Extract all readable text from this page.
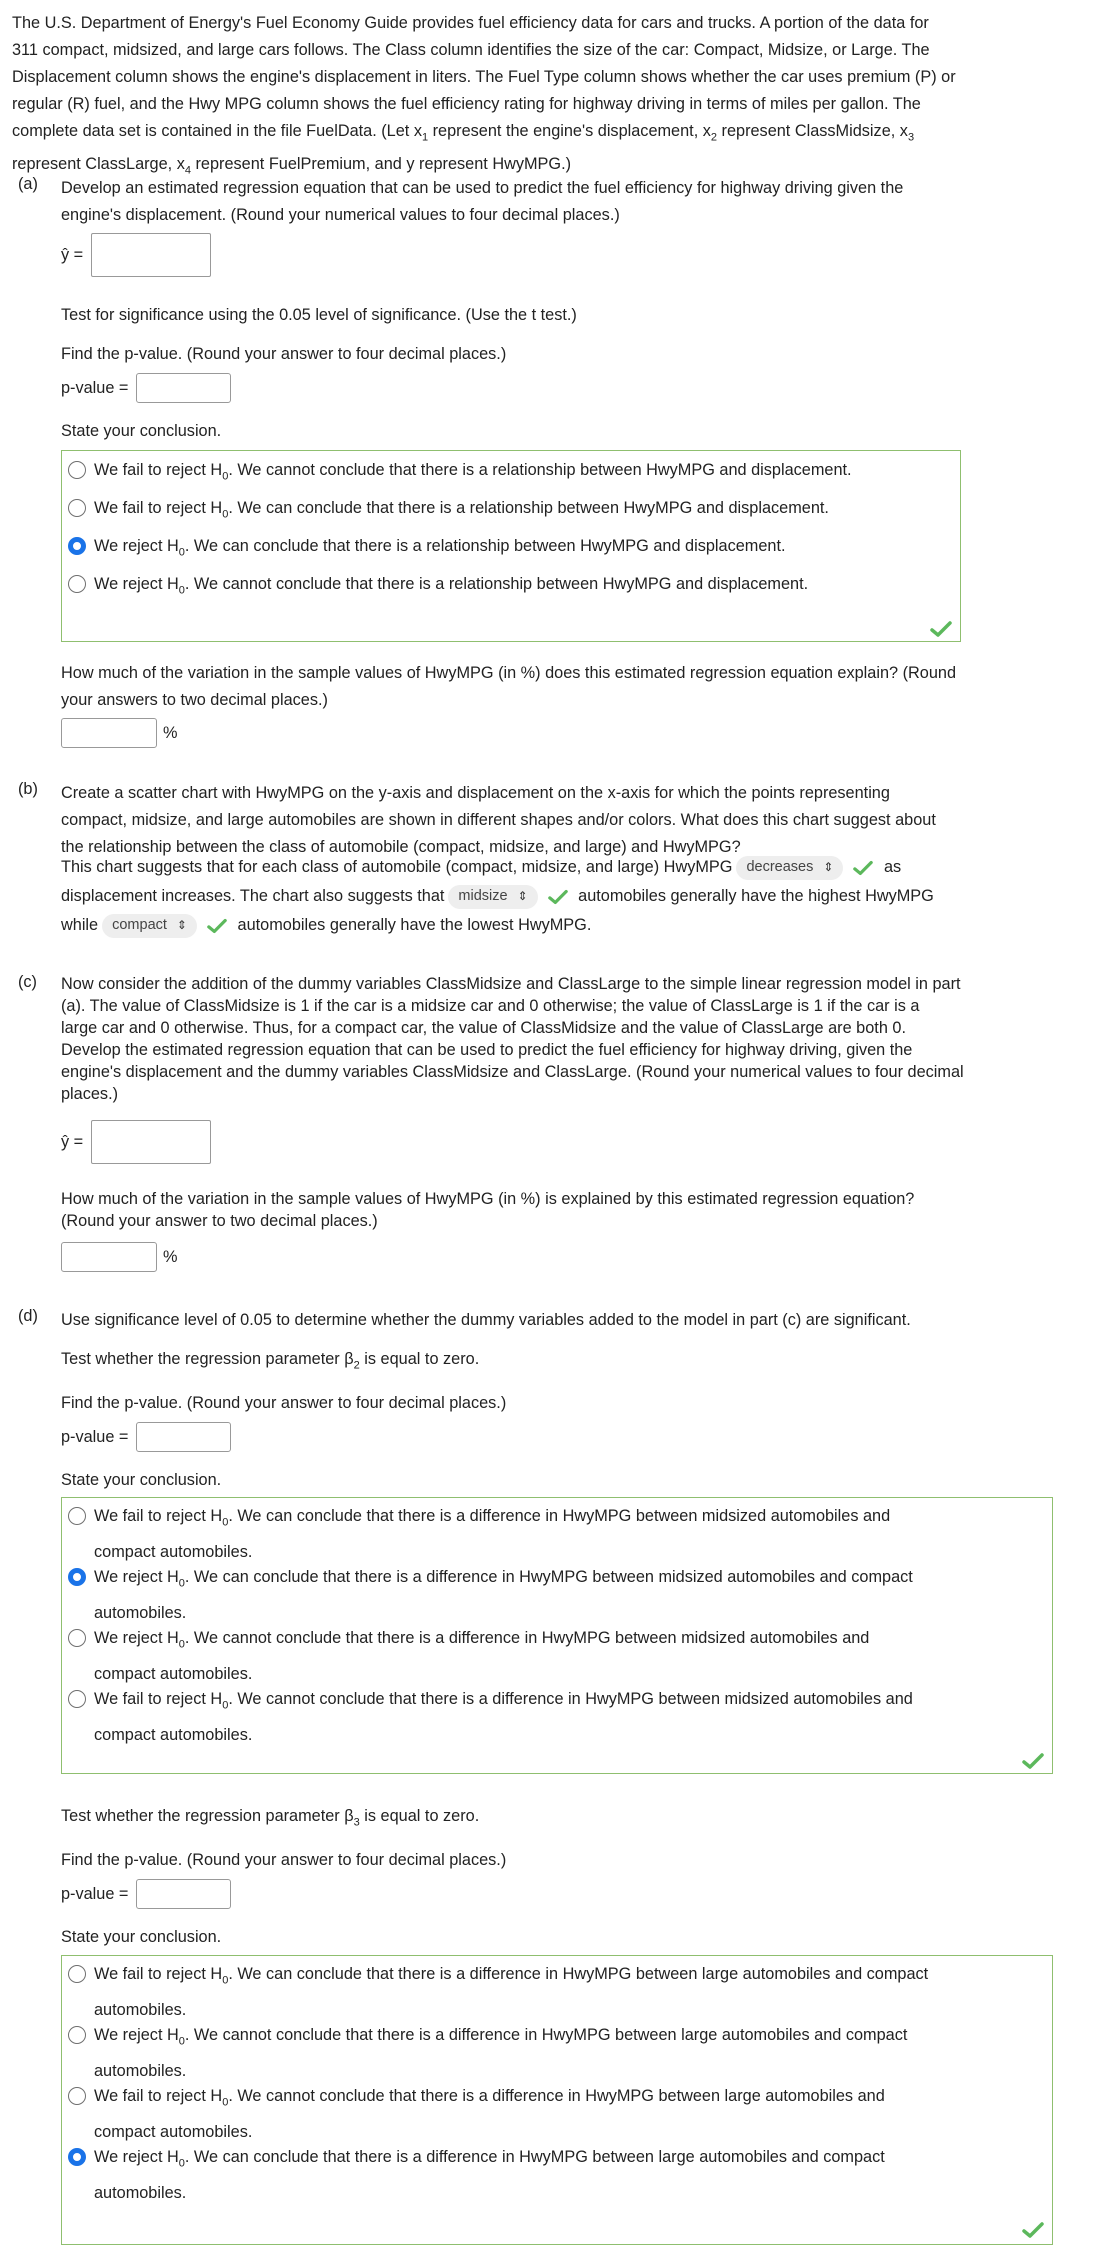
The U.S. Department of Energy's Fuel Economy Guide provides fuel efficiency data for cars and trucks. A portion of the data for
311 compact, midsized, and large cars follows. The Class column identifies the size of the car: Compact, Midsize, or Large. The
Displacement column shows the engine's displacement in liters. The Fuel Type column shows whether the car uses premium (P) or
regular (R) fuel, and the Hwy MPG column shows the fuel efficiency rating for highway driving in terms of miles per gallon. The
complete data set is contained in the file FuelData. (Let $x_1$ represent the engine's displacement, $x_2$ represent ClassMidsize, $x_3$
represent ClassLarge, $x_4$ represent FuelPremium, and y represent HwyMPG.)
(a) Develop an estimated regression equation that can be used to predict the fuel efficiency for highway driving given the
engine's displacement. (Round your numerical values to four decimal places.)
ŷ =
Test for significance using the 0.05 level of significance. (Use the t test.)
Find the p-value. (Round your answer to four decimal places.)
p-value =
State your conclusion.
We fail to reject $H_0$. We cannot conclude that there is a relationship between HwyMPG and displacement.
We fail to reject $H_0$. We can conclude that there is a relationship between HwyMPG and displacement.
We reject $H_0$. We can conclude that there is a relationship between HwyMPG and displacement.
We reject $H_0$. We cannot conclude that there is a relationship between HwyMPG and displacement.
How much of the variation in the sample values of HwyMPG (in %) does this estimated regression equation explain? (Round
your answers to two decimal places.)
%
(b) Create a scatter chart with HwyMPG on the y-axis and displacement on the x-axis for which the points representing
compact, midsize, and large automobiles are shown in different shapes and/or colors. What does this chart suggest about
the relationship between the class of automobile (compact, midsize, and large) and HwyMPG?
This chart suggests that for each class of automobile (compact, midsize, and large) HwyMPG decreases ⇕	as
displacement increases. The chart also suggests that midsize ⇕	automobiles generally have the highest HwyMPG
while compact ⇕	automobiles generally have the lowest HwyMPG.
(c) Now consider the addition of the dummy variables ClassMidsize and ClassLarge to the simple linear regression model in part
(a). The value of ClassMidsize is 1 if the car is a midsize car and 0 otherwise; the value of ClassLarge is 1 if the car is a
large car and 0 otherwise. Thus, for a compact car, the value of ClassMidsize and the value of ClassLarge are both 0.
Develop the estimated regression equation that can be used to predict the fuel efficiency for highway driving, given the
engine's displacement and the dummy variables ClassMidsize and ClassLarge. (Round your numerical values to four decimal
places.)
ŷ =
How much of the variation in the sample values of HwyMPG (in %) is explained by this estimated regression equation?
(Round your answer to two decimal places.)
%
(d) Use significance level of 0.05 to determine whether the dummy variables added to the model in part (c) are significant.
Test whether the regression parameter $\beta_2$ is equal to zero.
Find the p-value. (Round your answer to four decimal places.)
p-value =
State your conclusion.
We fail to reject $H_0$. We can conclude that there is a difference in HwyMPG between midsized automobiles and
compact automobiles.
We reject $H_0$. We can conclude that there is a difference in HwyMPG between midsized automobiles and compact
automobiles.
We reject $H_0$. We cannot conclude that there is a difference in HwyMPG between midsized automobiles and
compact automobiles.
We fail to reject $H_0$. We cannot conclude that there is a difference in HwyMPG between midsized automobiles and
compact automobiles.
Test whether the regression parameter $\beta_3$ is equal to zero.
Find the p-value. (Round your answer to four decimal places.)
p-value =
State your conclusion.
We fail to reject $H_0$. We can conclude that there is a difference in HwyMPG between large automobiles and compact
automobiles.
We reject $H_0$. We cannot conclude that there is a difference in HwyMPG between large automobiles and compact
automobiles.
We fail to reject $H_0$. We cannot conclude that there is a difference in HwyMPG between large automobiles and
compact automobiles.
We reject $H_0$. We can conclude that there is a difference in HwyMPG between large automobiles and compact
automobiles.
